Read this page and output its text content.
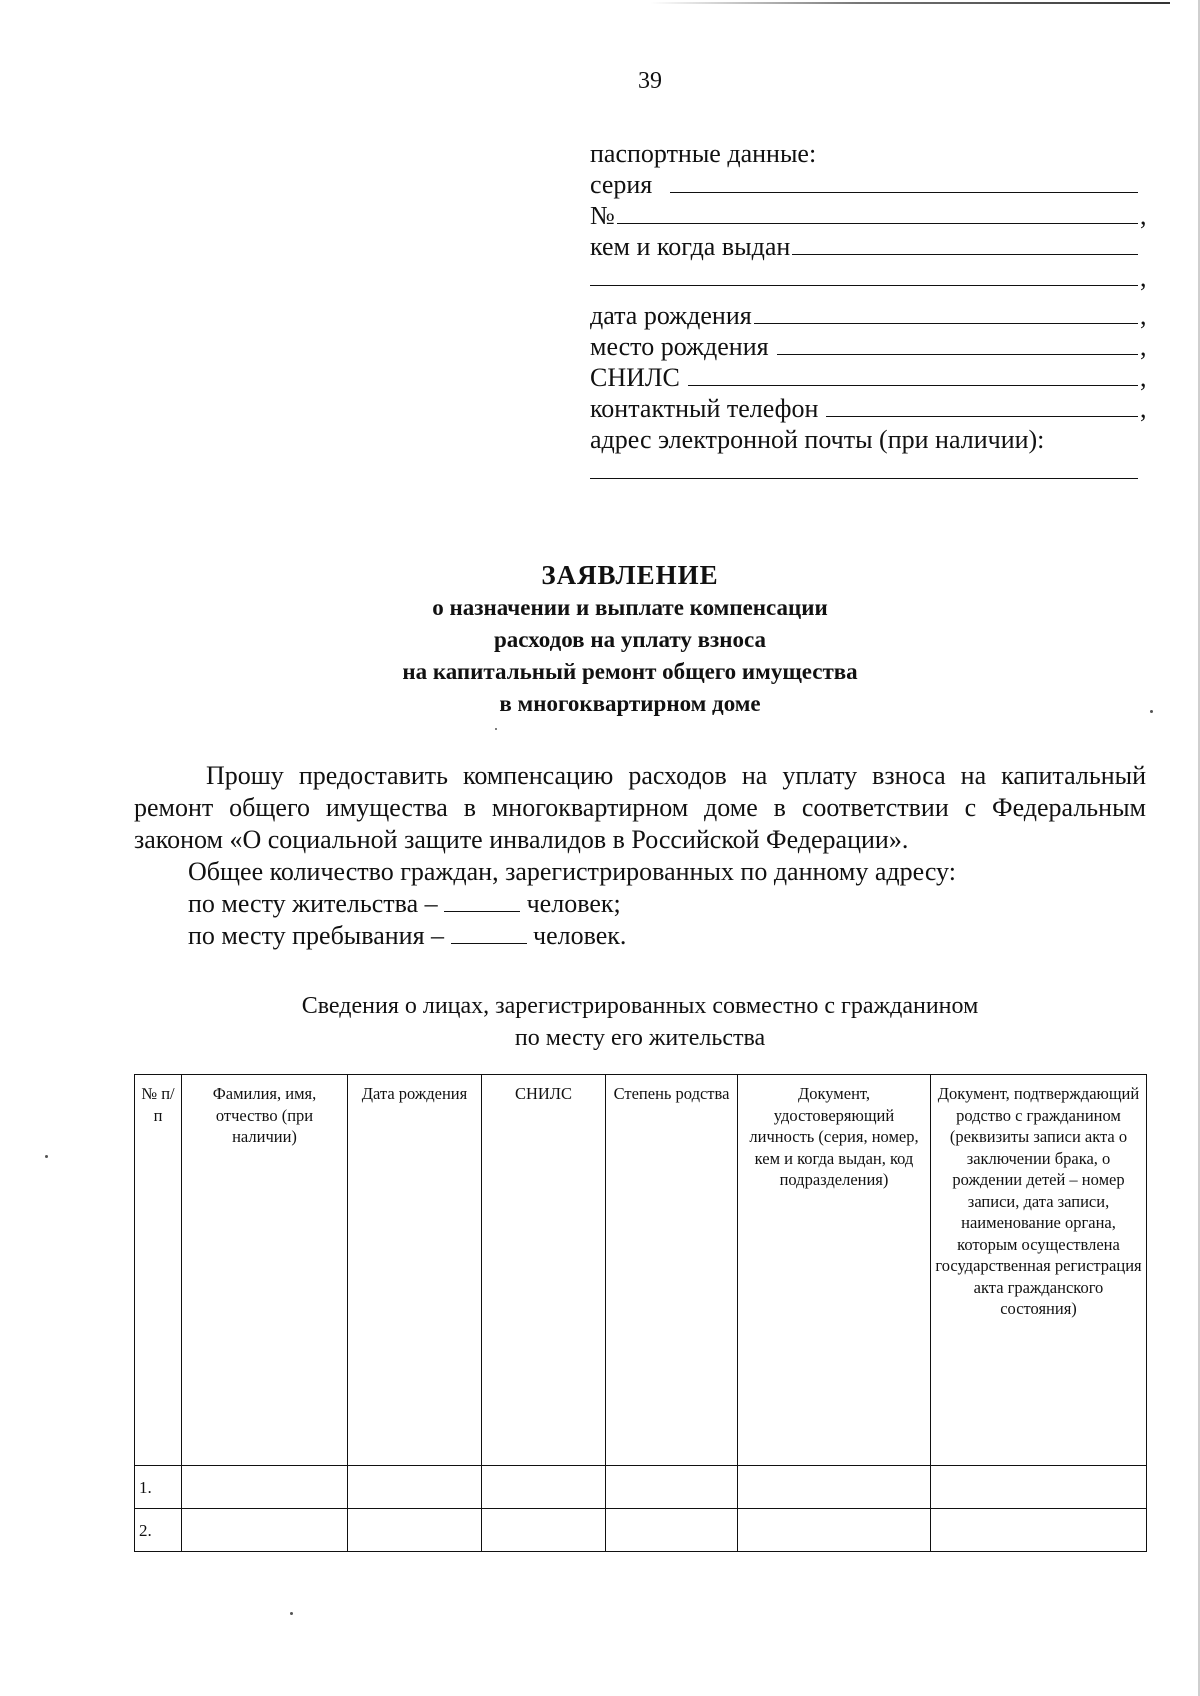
39
паспортные данные:
серия
№	,
кем и когда выдан
,
дата рождения	,
место рождения	,
СНИЛС	,
контактный телефон	,
адрес электронной почты (при наличии):
ЗАЯВЛЕНИЕ
о назначении и выплате компенсации
расходов на уплату взноса
на капитальный ремонт общего имущества
в многоквартирном доме

Прошу предоставить компенсацию расходов на уплату взноса на капитальный ремонт общего имущества в многоквартирном доме в соответствии с Федеральным законом «О социальной защите инвалидов в Российской Федерации».

Общее количество граждан, зарегистрированных по данному адресу:

по месту жительства –	человек;

по месту пребывания –	человек.

Сведения о лицах, зарегистрированных совместно с гражданином
по месту его жительства
№ п/п	Фамилия, имя, отчество (при наличии)	Дата рождения	СНИЛС	Степень родства	Документ, удостоверяющий личность (серия, номер, кем и когда выдан, код подразделения)	Документ, подтверждающий родство с гражданином (реквизиты записи акта о заключении брака, о рождении детей – номер записи, дата записи, наименование органа, которым осуществлена государственная регистрация акта гражданского состояния)
1.						
2.						
